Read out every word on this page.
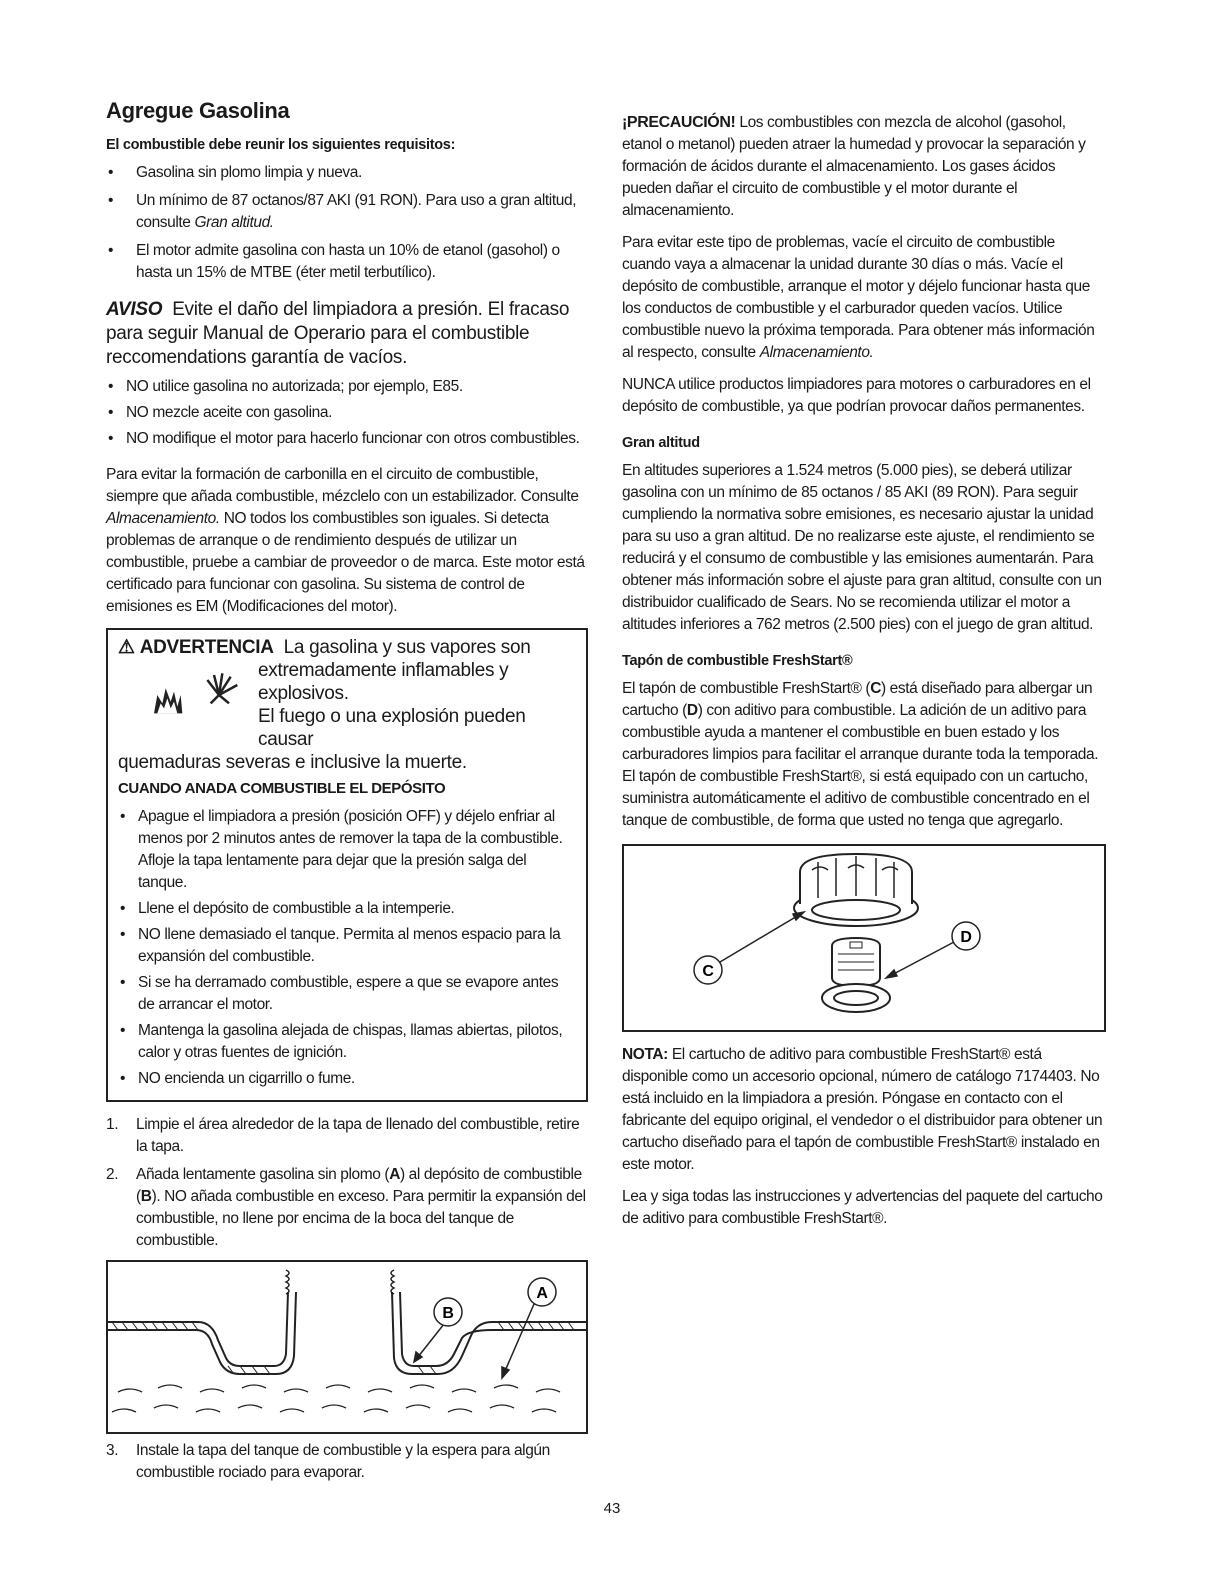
Agregue Gasolina
El combustible debe reunir los siguientes requisitos:
• Gasolina sin plomo limpia y nueva.
• Un mínimo de 87 octanos/87 AKI (91 RON). Para uso a gran altitud, consulte Gran altitud.
• El motor admite gasolina con hasta un 10% de etanol (gasohol) o hasta un 15% de MTBE (éter metil terbutílico).
AVISO Evite el daño del limpiadora a presión. El fracaso para seguir Manual de Operario para el combustible reccomendations garantía de vacíos.
• NO utilice gasolina no autorizada; por ejemplo, E85.
• NO mezcle aceite con gasolina.
• NO modifique el motor para hacerlo funcionar con otros combustibles.

Para evitar la formación de carbonilla en el circuito de combustible, siempre que añada combustible, mézclelo con un estabilizador. Consulte Almacenamiento. NO todos los combustibles son iguales. Si detecta problemas de arranque o de rendimiento después de utilizar un combustible, pruebe a cambiar de proveedor o de marca. Este motor está certificado para funcionar con gasolina. Su sistema de control de emisiones es EM (Modificaciones del motor).

⚠ ADVERTENCIA La gasolina y sus vapores son
extremadamente inflamables y
explosivos.
El fuego o una explosión pueden causar
quemaduras severas e inclusive la muerte.
CUANDO ANADA COMBUSTIBLE EL DEPÓSITO
• Apague el limpiadora a presión (posición OFF) y déjelo enfriar al menos por 2 minutos antes de remover la tapa de la combustible. Afloje la tapa lentamente para dejar que la presión salga del tanque.
• Llene el depósito de combustible a la intemperie.
• NO llene demasiado el tanque. Permita al menos espacio para la expansión del combustible.
• Si se ha derramado combustible, espere a que se evapore antes de arrancar el motor.
• Mantenga la gasolina alejada de chispas, llamas abiertas, pilotos, calor y otras fuentes de ignición.
• NO encienda un cigarrillo o fume.
1. Limpie el área alrededor de la tapa de llenado del combustible, retire la tapa.
2. Añada lentamente gasolina sin plomo (A) al depósito de combustible (B). NO añada combustible en exceso. Para permitir la expansión del combustible, no llene por encima de la boca del tanque de combustible.
B
A
3. Instale la tapa del tanque de combustible y la espera para algún combustible rociado para evaporar.

¡PRECAUCIÓN! Los combustibles con mezcla de alcohol (gasohol, etanol o metanol) pueden atraer la humedad y provocar la separación y formación de ácidos durante el almacenamiento. Los gases ácidos pueden dañar el circuito de combustible y el motor durante el almacenamiento.

Para evitar este tipo de problemas, vacíe el circuito de combustible cuando vaya a almacenar la unidad durante 30 días o más. Vacíe el depósito de combustible, arranque el motor y déjelo funcionar hasta que los conductos de combustible y el carburador queden vacíos. Utilice combustible nuevo la próxima temporada. Para obtener más información al respecto, consulte Almacenamiento.

NUNCA utilice productos limpiadores para motores o carburadores en el depósito de combustible, ya que podrían provocar daños permanentes.

Gran altitud

En altitudes superiores a 1.524 metros (5.000 pies), se deberá utilizar gasolina con un mínimo de 85 octanos / 85 AKI (89 RON). Para seguir cumpliendo la normativa sobre emisiones, es necesario ajustar la unidad para su uso a gran altitud. De no realizarse este ajuste, el rendimiento se reducirá y el consumo de combustible y las emisiones aumentarán. Para obtener más información sobre el ajuste para gran altitud, consulte con un distribuidor cualificado de Sears. No se recomienda utilizar el motor a altitudes inferiores a 762 metros (2.500 pies) con el juego de gran altitud.

Tapón de combustible FreshStart®

El tapón de combustible FreshStart® (C) está diseñado para albergar un cartucho (D) con aditivo para combustible. La adición de un aditivo para combustible ayuda a mantener el combustible en buen estado y los carburadores limpios para facilitar el arranque durante toda la temporada. El tapón de combustible FreshStart®, si está equipado con un cartucho, suministra automáticamente el aditivo de combustible concentrado en el tanque de combustible, de forma que usted no tenga que agregarlo.

C
D

NOTA: El cartucho de aditivo para combustible FreshStart® está disponible como un accesorio opcional, número de catálogo 7174403. No está incluido en la limpiadora a presión. Póngase en contacto con el fabricante del equipo original, el vendedor o el distribuidor para obtener un cartucho diseñado para el tapón de combustible FreshStart® instalado en este motor.

Lea y siga todas las instrucciones y advertencias del paquete del cartucho de aditivo para combustible FreshStart®.

43
